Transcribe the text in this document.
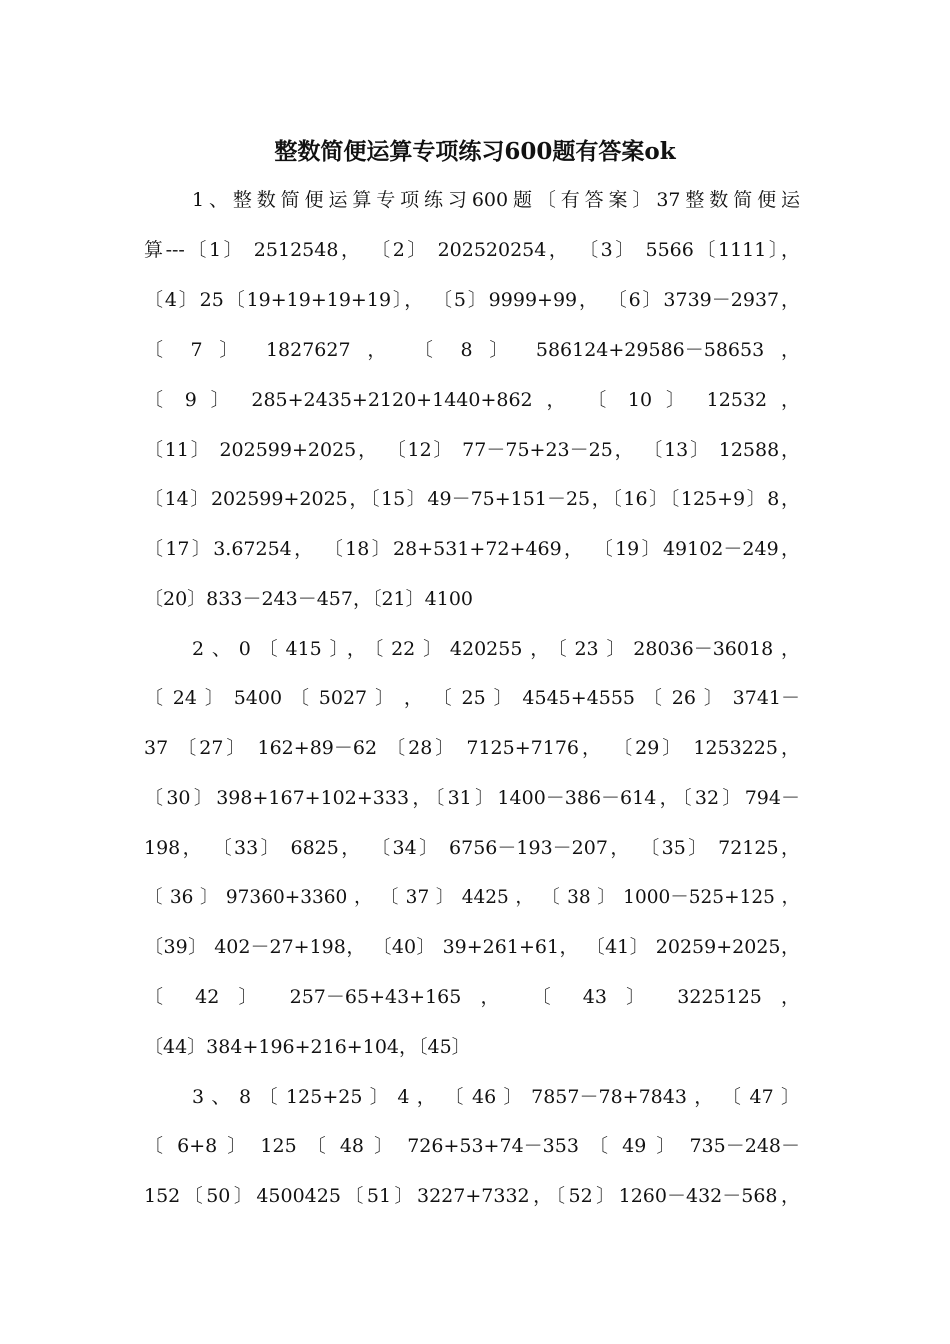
整数简便运算专项练习600题有答案ok
1、整数简便运算专项练习600题〔有答案〕37整数简便运
算---〔1〕 2512548， 〔2〕 202520254， 〔3〕 5566〔1111〕，
〔4〕25〔19+19+19+19〕， 〔5〕9999+99， 〔6〕3739－2937，
〔 7 〕 1827627 ， 〔 8 〕 586124+29586－58653 ，
〔 9 〕 285+2435+2120+1440+862 ， 〔 10 〕 12532 ，
〔11〕 202599+2025， 〔12〕 77－75+23－25， 〔13〕 12588，
〔14〕202599+2025，〔15〕49－75+151－25，〔16〕〔125+9〕8，
〔17〕3.67254， 〔18〕28+531+72+469， 〔19〕49102－249，
〔20〕833－243－457，〔21〕4100
2、0〔415〕，〔22〕420255，〔23〕28036－36018，
〔 24 〕 5400 〔 5027 〕 ， 〔 25 〕 4545+4555 〔 26 〕 3741－
37 〔27〕 162+89－62 〔28〕 7125+7176， 〔29〕 1253225，
〔30〕398+167+102+333，〔31〕1400－386－614，〔32〕794－
198， 〔33〕 6825， 〔34〕 6756－193－207， 〔35〕 72125，
〔 36 〕 97360+3360 ， 〔 37 〕 4425 ， 〔 38 〕 1000－525+125 ，
〔39〕 402－27+198， 〔40〕 39+261+61， 〔41〕 20259+2025，
〔 42 〕 257－65+43+165 ， 〔 43 〕 3225125 ，
〔44〕384+196+216+104，〔45〕
3 、 8 〔 125+25 〕 4 ， 〔 46 〕 7857－78+7843 ， 〔 47 〕
〔 6+8 〕 125 〔 48 〕 726+53+74－353 〔 49 〕 735－248－
152〔50〕4500425〔51〕3227+7332，〔52〕1260－432－568，
